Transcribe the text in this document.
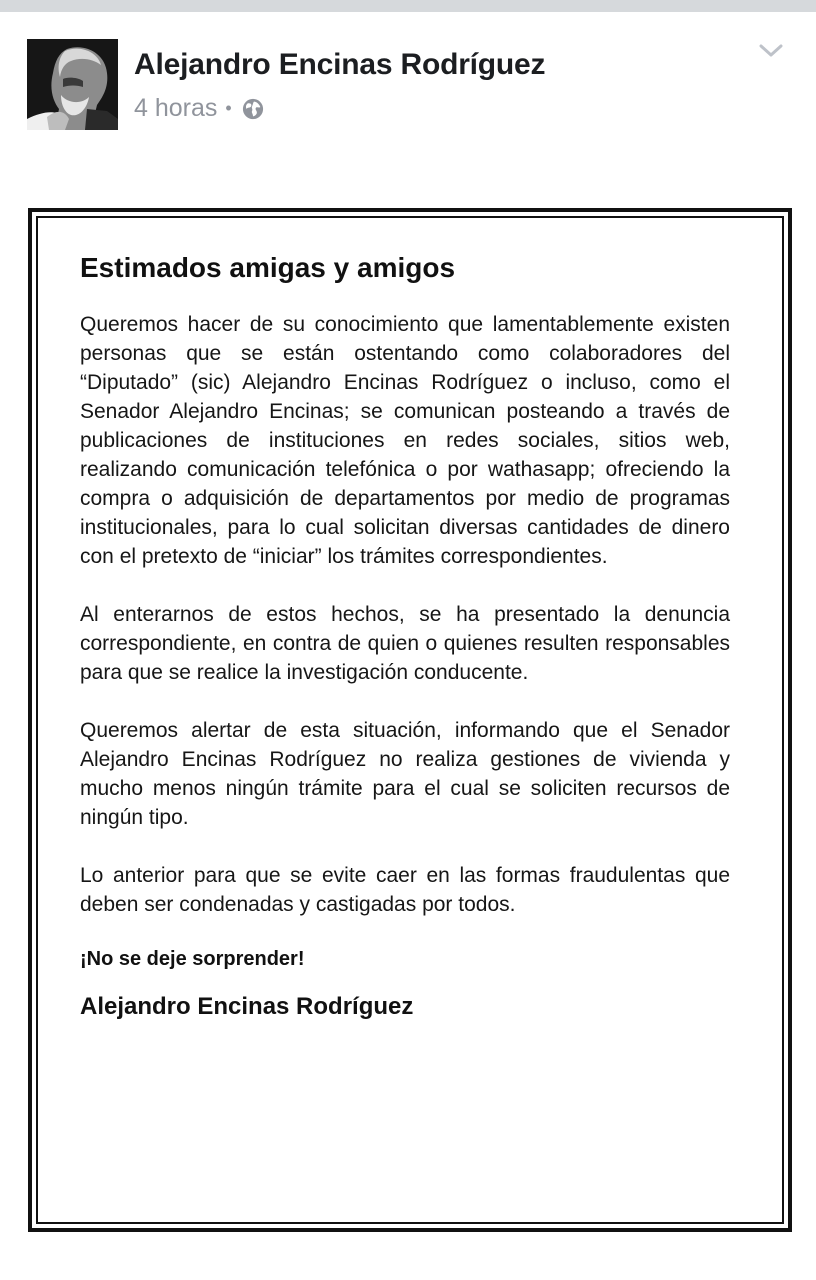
Alejandro Encinas Rodríguez
4 horas •
Estimados amigas y amigos

Queremos hacer de su conocimiento que lamentablemente existen personas que se están ostentando como colaboradores del “Diputado” (sic) Alejandro Encinas Rodríguez o incluso, como el Senador Alejandro Encinas; se comunican posteando a través de publicaciones de instituciones en redes sociales, sitios web, realizando comunicación telefónica o por wathasapp; ofreciendo la compra o adquisición de departamentos por medio de programas institucionales, para lo cual solicitan diversas cantidades de dinero con el pretexto de “iniciar” los trámites correspondientes.

Al enterarnos de estos hechos, se ha presentado la denuncia correspondiente, en contra de quien o quienes resulten responsables para que se realice la investigación conducente.

Queremos alertar de esta situación, informando que el Senador Alejandro Encinas Rodríguez no realiza gestiones de vivienda y mucho menos ningún trámite para el cual se soliciten recursos de ningún tipo.

Lo anterior para que se evite caer en las formas fraudulentas que deben ser condenadas y castigadas por todos.

¡No se deje sorprender!
Alejandro Encinas Rodríguez
